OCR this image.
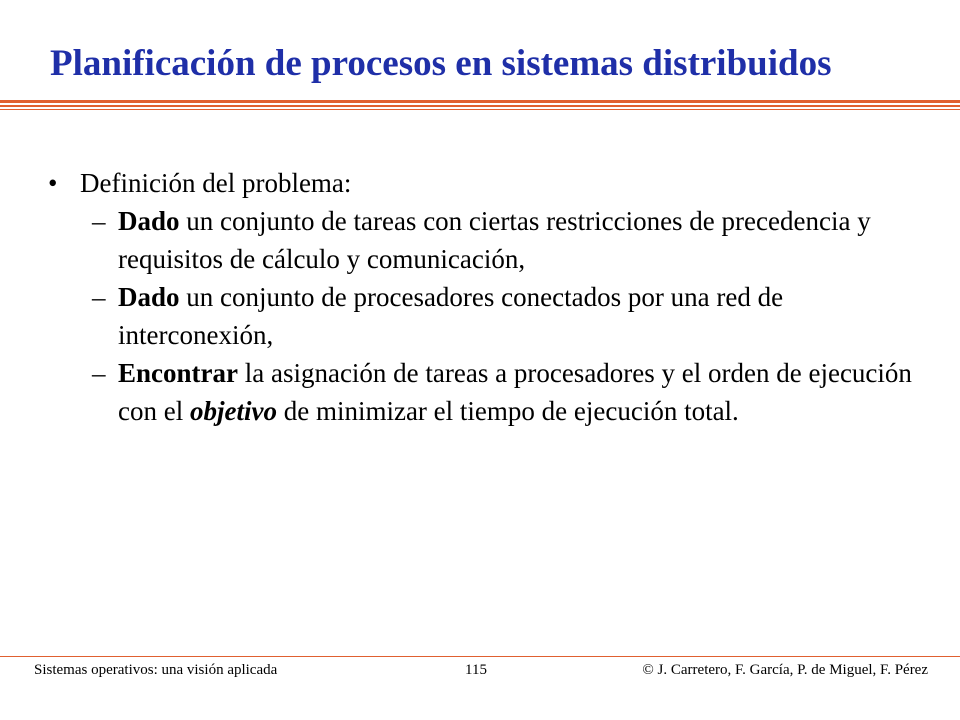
Planificación de procesos en sistemas distribuidos
• Definición del problema:
– Dado un conjunto de tareas con ciertas restricciones de precedencia y requisitos de cálculo y comunicación,
– Dado un conjunto de procesadores conectados por una red de interconexión,
– Encontrar la asignación de tareas a procesadores y el orden de ejecución con el objetivo de minimizar el tiempo de ejecución total.
Sistemas operativos: una visión aplicada	115	© J. Carretero, F. García, P. de Miguel, F. Pérez
